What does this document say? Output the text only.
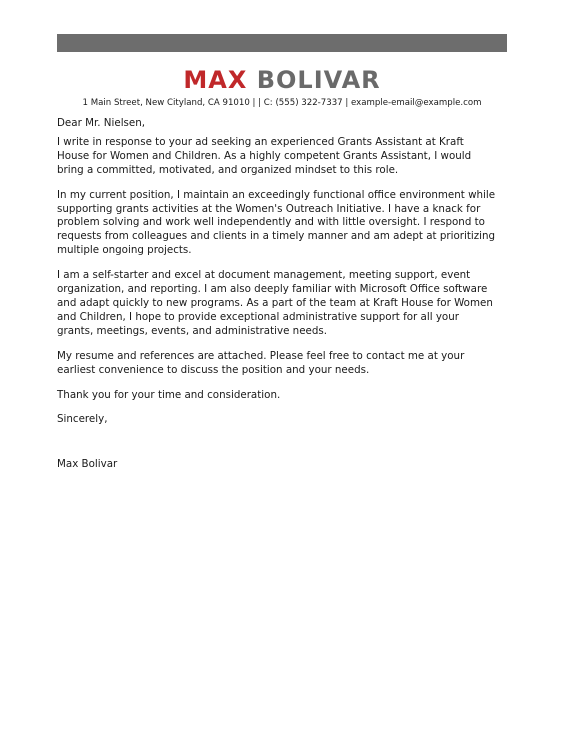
MAX BOLIVAR
1 Main Street, New Cityland, CA 91010 | | C: (555) 322-7337 | example-email@example.com

Dear Mr. Nielsen,

I write in response to your ad seeking an experienced Grants Assistant at Kraft House for Women and Children. As a highly competent Grants Assistant, I would bring a committed, motivated, and organized mindset to this role.

In my current position, I maintain an exceedingly functional office environment while supporting grants activities at the Women's Outreach Initiative. I have a knack for problem solving and work well independently and with little oversight. I respond to requests from colleagues and clients in a timely manner and am adept at prioritizing multiple ongoing projects.

I am a self-starter and excel at document management, meeting support, event organization, and reporting. I am also deeply familiar with Microsoft Office software and adapt quickly to new programs. As a part of the team at Kraft House for Women and Children, I hope to provide exceptional administrative support for all your grants, meetings, events, and administrative needs.

My resume and references are attached. Please feel free to contact me at your earliest convenience to discuss the position and your needs.

Thank you for your time and consideration.

Sincerely,

Max Bolivar
